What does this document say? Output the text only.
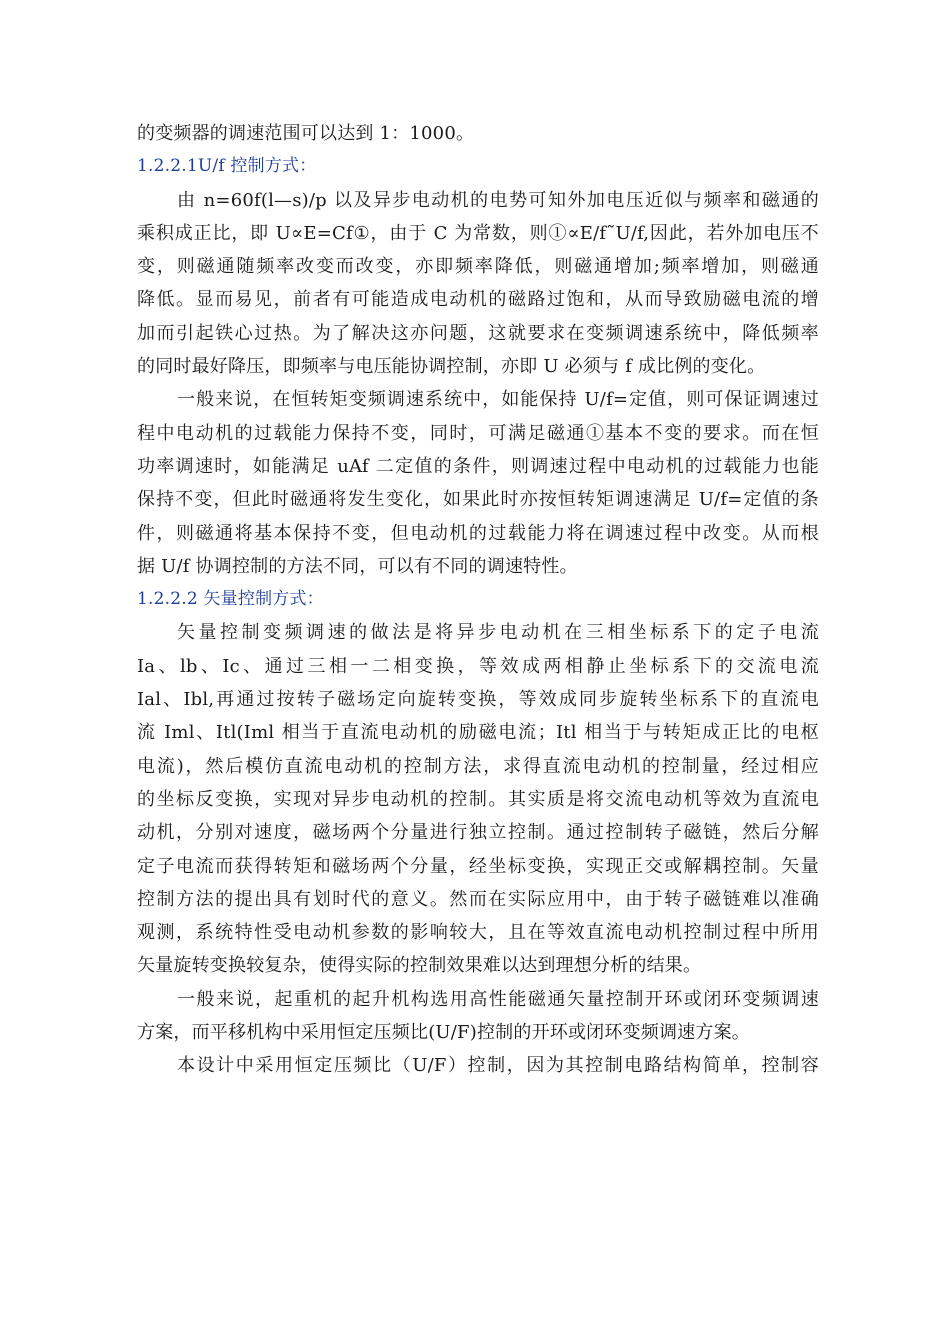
的变频器的调速范围可以达到 1：1000。
1.2.2.1U/f 控制方式：
由 n=60f(l—s)/p 以及异步电动机的电势可知外加电压近似与频率和磁通的
乘积成正比，即 U∝E=Cf①，由于 C 为常数，则①∝E/f˜U/f,因此，若外加电压不
变，则磁通随频率改变而改变，亦即频率降低，则磁通增加;频率增加，则磁通
降低。显而易见，前者有可能造成电动机的磁路过饱和，从而导致励磁电流的增
加而引起铁心过热。为了解决这亦问题，这就要求在变频调速系统中，降低频率
的同时最好降压，即频率与电压能协调控制，亦即 U 必须与 f 成比例的变化。
一般来说，在恒转矩变频调速系统中，如能保持 U/f=定值，则可保证调速过
程中电动机的过载能力保持不变，同时，可满足磁通①基本不变的要求。而在恒
功率调速时，如能满足 uAf 二定值的条件，则调速过程中电动机的过载能力也能
保持不变，但此时磁通将发生变化，如果此时亦按恒转矩调速满足 U/f=定值的条
件，则磁通将基本保持不变，但电动机的过载能力将在调速过程中改变。从而根
据 U/f 协调控制的方法不同，可以有不同的调速特性。
1.2.2.2 矢量控制方式：
矢量控制变频调速的做法是将异步电动机在三相坐标系下的定子电流
Ia、lb、Ic、通过三相一二相变换，等效成两相静止坐标系下的交流电流
Ial、Ibl,再通过按转子磁场定向旋转变换，等效成同步旋转坐标系下的直流电
流 Iml、Itl(Iml 相当于直流电动机的励磁电流；Itl 相当于与转矩成正比的电枢
电流)，然后模仿直流电动机的控制方法，求得直流电动机的控制量，经过相应
的坐标反变换，实现对异步电动机的控制。其实质是将交流电动机等效为直流电
动机，分别对速度，磁场两个分量进行独立控制。通过控制转子磁链，然后分解
定子电流而获得转矩和磁场两个分量，经坐标变换，实现正交或解耦控制。矢量
控制方法的提出具有划时代的意义。然而在实际应用中，由于转子磁链难以准确
观测，系统特性受电动机参数的影响较大，且在等效直流电动机控制过程中所用
矢量旋转变换较复杂，使得实际的控制效果难以达到理想分析的结果。
一般来说，起重机的起升机构选用高性能磁通矢量控制开环或闭环变频调速
方案，而平移机构中采用恒定压频比(U/F)控制的开环或闭环变频调速方案。
本设计中采用恒定压频比（U/F）控制，因为其控制电路结构简单，控制容
